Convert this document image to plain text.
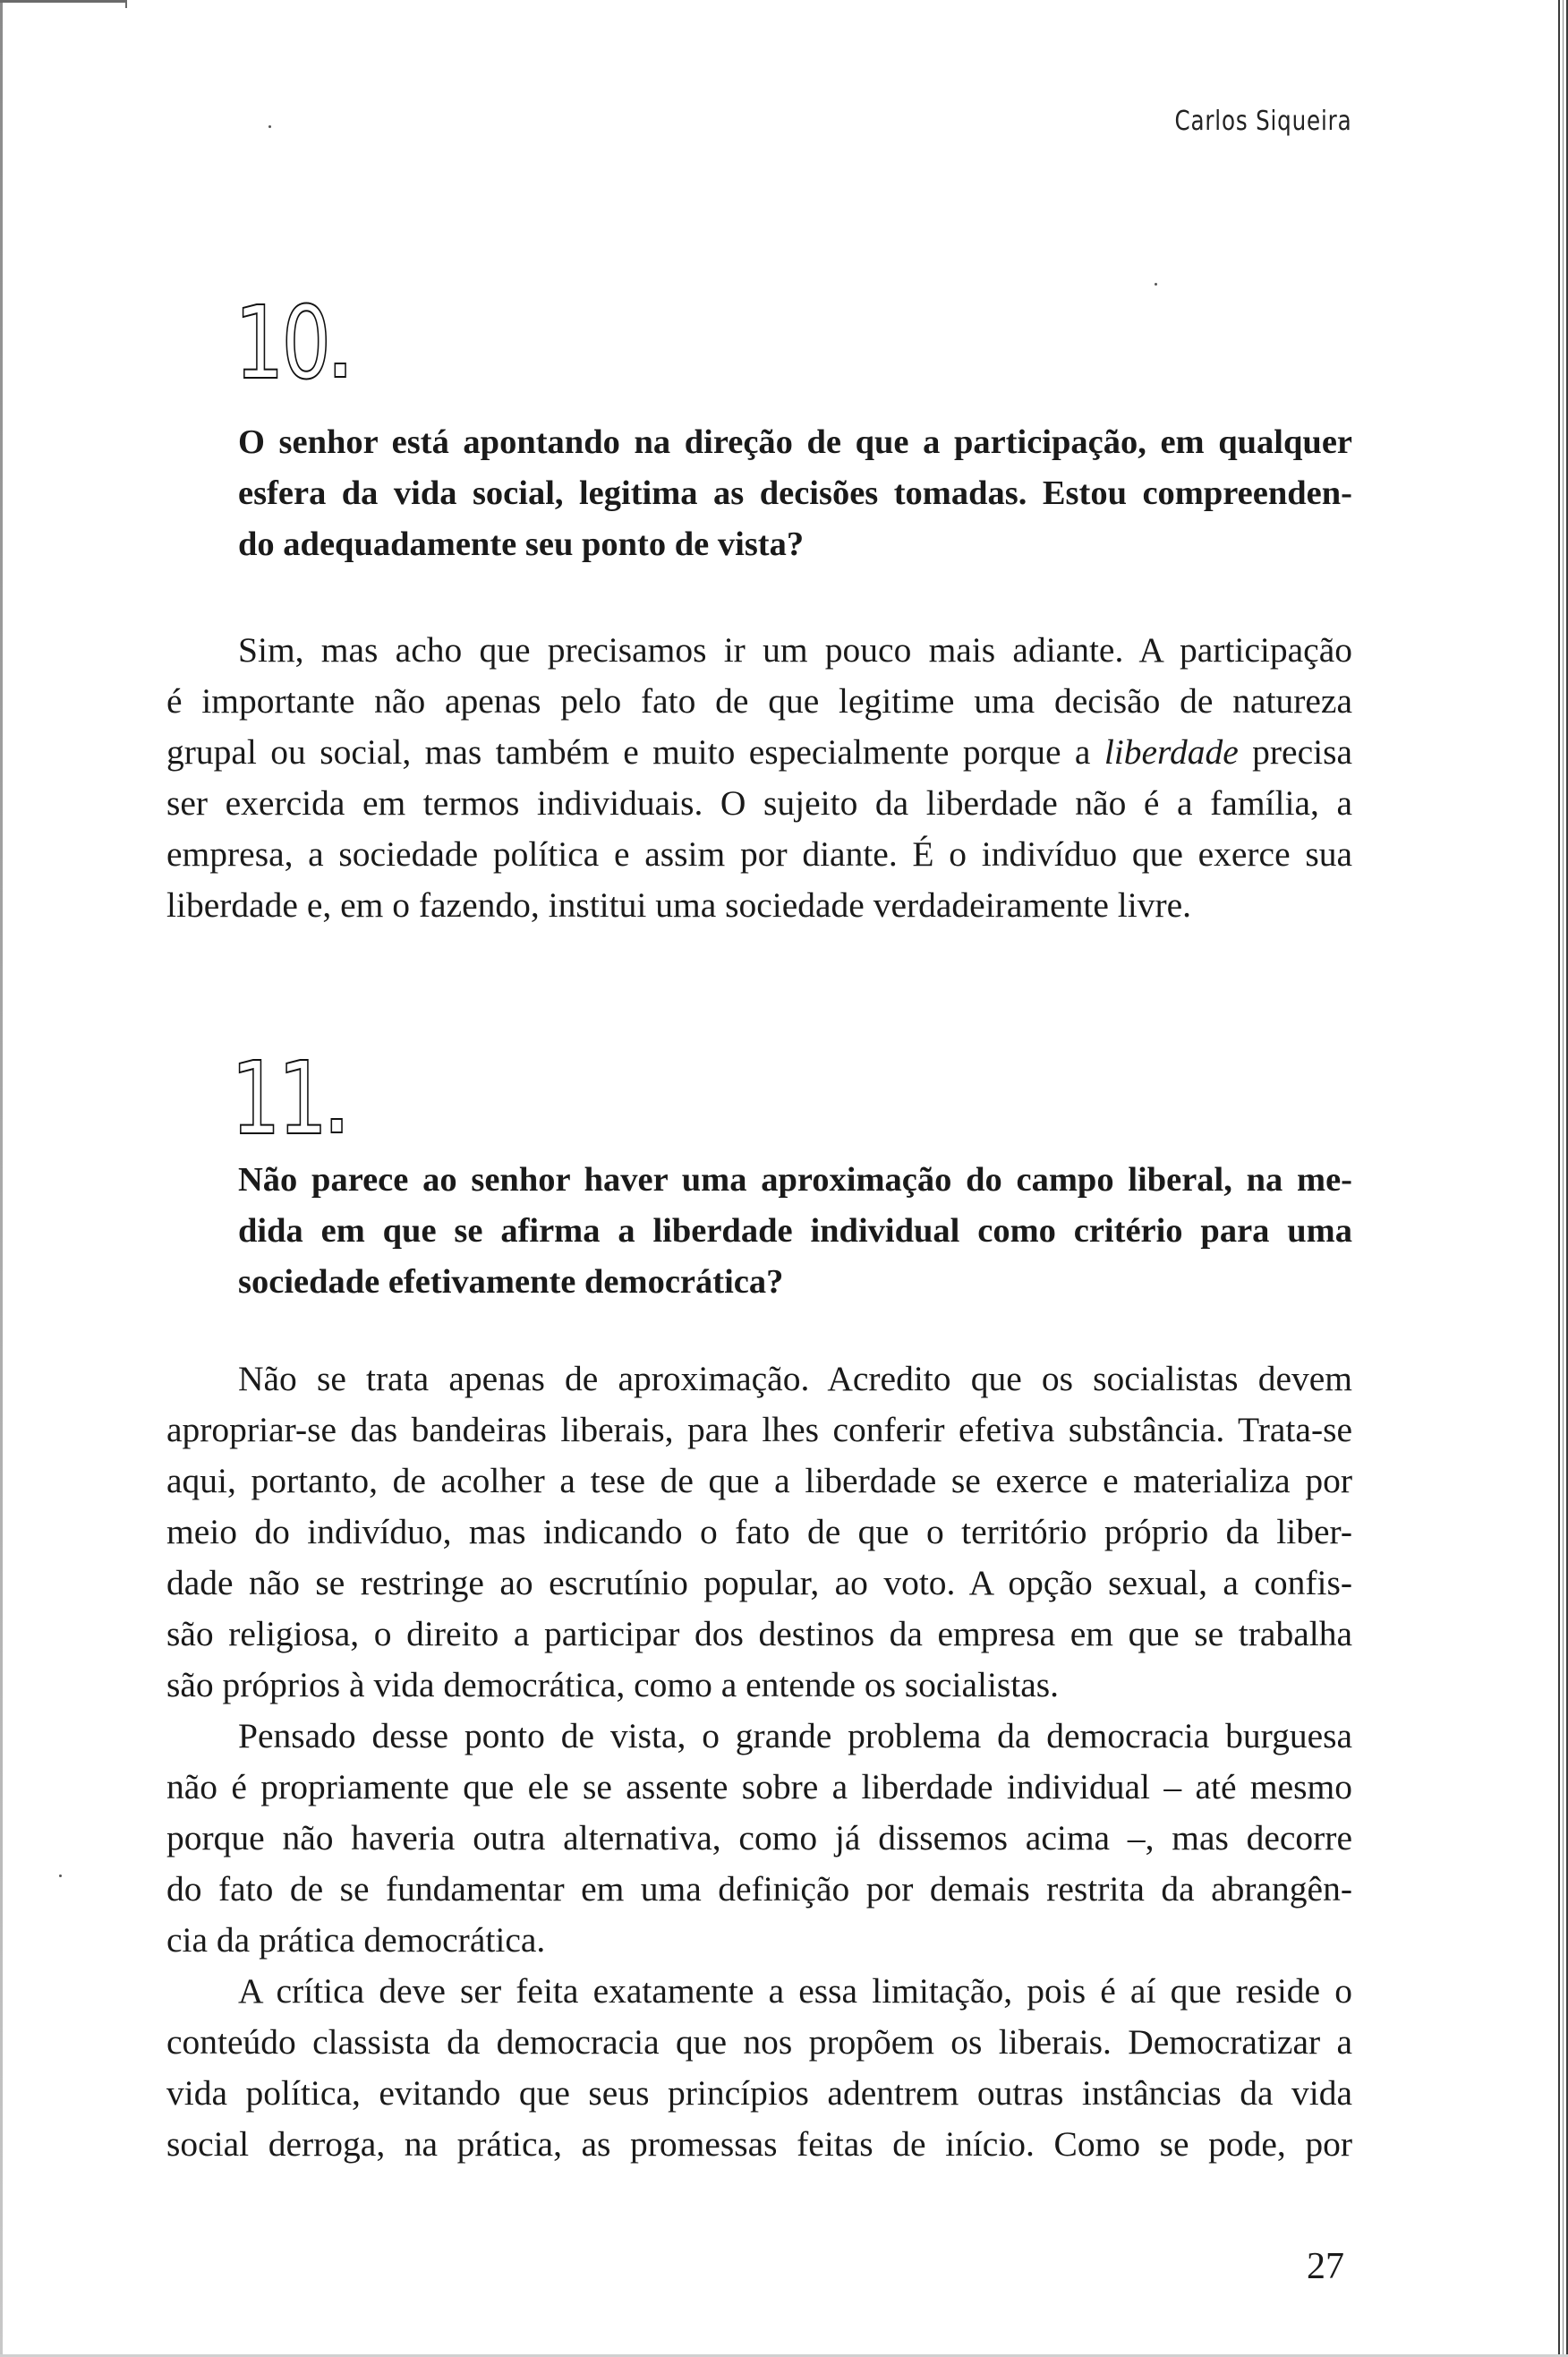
Carlos Siqueira
10
O senhor está apontando na direção de que a participação, em qualquer
esfera da vida social, legitima as decisões tomadas. Estou compreenden-
do adequadamente seu ponto de vista?
Sim, mas acho que precisamos ir um pouco mais adiante. A participação
é importante não apenas pelo fato de que legitime uma decisão de natureza
grupal ou social, mas também e muito especialmente porque a liberdade precisa
ser exercida em termos individuais. O sujeito da liberdade não é a família, a
empresa, a sociedade política e assim por diante. É o indivíduo que exerce sua
liberdade e, em o fazendo, institui uma sociedade verdadeiramente livre.
11
Não parece ao senhor haver uma aproximação do campo liberal, na me-
dida em que se afirma a liberdade individual como critério para uma
sociedade efetivamente democrática?
Não se trata apenas de aproximação. Acredito que os socialistas devem
apropriar-se das bandeiras liberais, para lhes conferir efetiva substância. Trata-se
aqui, portanto, de acolher a tese de que a liberdade se exerce e materializa por
meio do indivíduo, mas indicando o fato de que o território próprio da liber-
dade não se restringe ao escrutínio popular, ao voto. A opção sexual, a confis-
são religiosa, o direito a participar dos destinos da empresa em que se trabalha
são próprios à vida democrática, como a entende os socialistas.
Pensado desse ponto de vista, o grande problema da democracia burguesa
não é propriamente que ele se assente sobre a liberdade individual – até mesmo
porque não haveria outra alternativa, como já dissemos acima –, mas decorre
do fato de se fundamentar em uma definição por demais restrita da abrangên-
cia da prática democrática.
A crítica deve ser feita exatamente a essa limitação, pois é aí que reside o
conteúdo classista da democracia que nos propõem os liberais. Democratizar a
vida política, evitando que seus princípios adentrem outras instâncias da vida
social derroga, na prática, as promessas feitas de início. Como se pode, por
27
